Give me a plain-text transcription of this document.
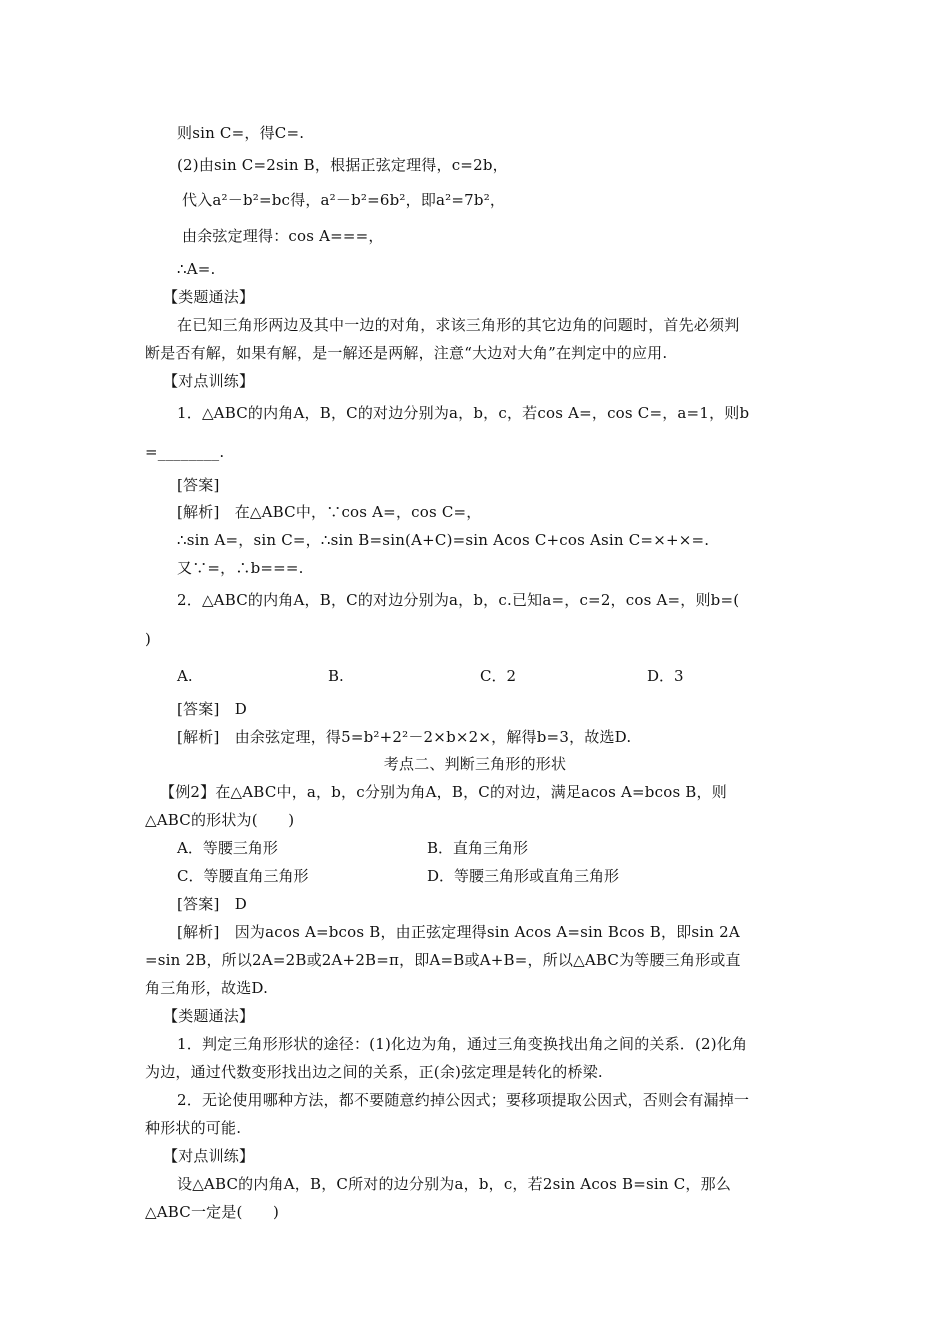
则sin C=，得C=.
(2)由sin C=2sin B，根据正弦定理得，c=2b，
代入a²－b²=bc得，a²－b²=6b²，即a²=7b²，
由余弦定理得：cos A===，
∴A=.
【类题通法】
在已知三角形两边及其中一边的对角，求该三角形的其它边角的问题时，首先必须判
断是否有解，如果有解，是一解还是两解，注意“大边对大角”在判定中的应用.
【对点训练】
1．△ABC的内角A，B，C的对边分别为a，b，c，若cos A=，cos C=，a=1，则b
=________.
[答案]
[解析]　在△ABC中，∵cos A=，cos C=，
∴sin A=，sin C=，∴sin B=sin(A+C)=sin Acos C+cos Asin C=×+×=.
又∵=，∴b===.
2．△ABC的内角A，B，C的对边分别为a，b，c.已知a=，c=2，cos A=，则b=(
)
A.	B.	C．2	D．3
[答案]　D
[解析]　由余弦定理，得5=b²+2²－2×b×2×，解得b=3，故选D.
考点二、判断三角形的形状
【例2】在△ABC中，a，b，c分别为角A，B，C的对边，满足acos A=bcos B，则
△ABC的形状为(　　)
A．等腰三角形	B．直角三角形
C．等腰直角三角形	D．等腰三角形或直角三角形
[答案]　D
[解析]　因为acos A=bcos B，由正弦定理得sin Acos A=sin Bcos B，即sin 2A
=sin 2B，所以2A=2B或2A+2B=π，即A=B或A+B=，所以△ABC为等腰三角形或直
角三角形，故选D.
【类题通法】
1．判定三角形形状的途径：(1)化边为角，通过三角变换找出角之间的关系．(2)化角
为边，通过代数变形找出边之间的关系，正(余)弦定理是转化的桥梁.
2．无论使用哪种方法，都不要随意约掉公因式；要移项提取公因式，否则会有漏掉一
种形状的可能.
【对点训练】
设△ABC的内角A，B，C所对的边分别为a，b，c，若2sin Acos B=sin C，那么
△ABC一定是(　　)
